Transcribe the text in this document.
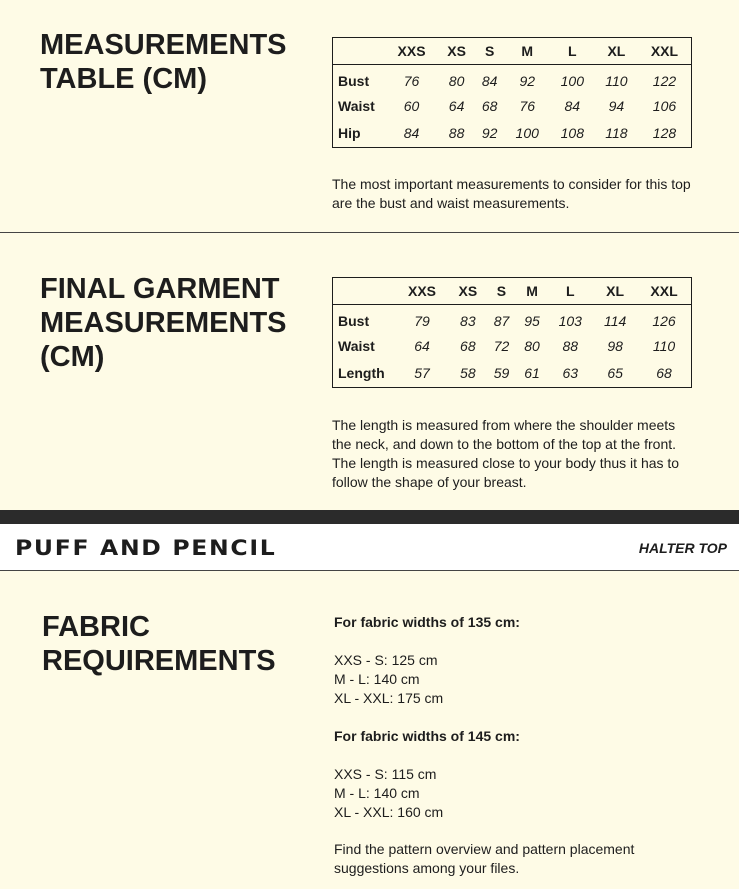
MEASUREMENTS
TABLE (CM)
	XXS	XS	S	M	L	XL	XXL
Bust	76	80	84	92	100	110	122
Waist	60	64	68	76	84	94	106
Hip	84	88	92	100	108	118	128
The most important measurements to consider for this top are the bust and waist measurements.
FINAL GARMENT
MEASUREMENTS
(CM)
	XXS	XS	S	M	L	XL	XXL
Bust	79	83	87	95	103	114	126
Waist	64	68	72	80	88	98	110
Length	57	58	59	61	63	65	68
The length is measured from where the shoulder meets the neck, and down to the bottom of the top at the front. The length is measured close to your body thus it has to follow the shape of your breast.
PUFF AND PENCIL	HALTER TOP
FABRIC
REQUIREMENTS
For fabric widths of 135 cm:
XXS - S: 125 cm
M - L: 140 cm
XL - XXL: 175 cm
For fabric widths of 145 cm:
XXS - S: 115 cm
M - L: 140 cm
XL - XXL: 160 cm
Find the pattern overview and pattern placement suggestions among your files.
